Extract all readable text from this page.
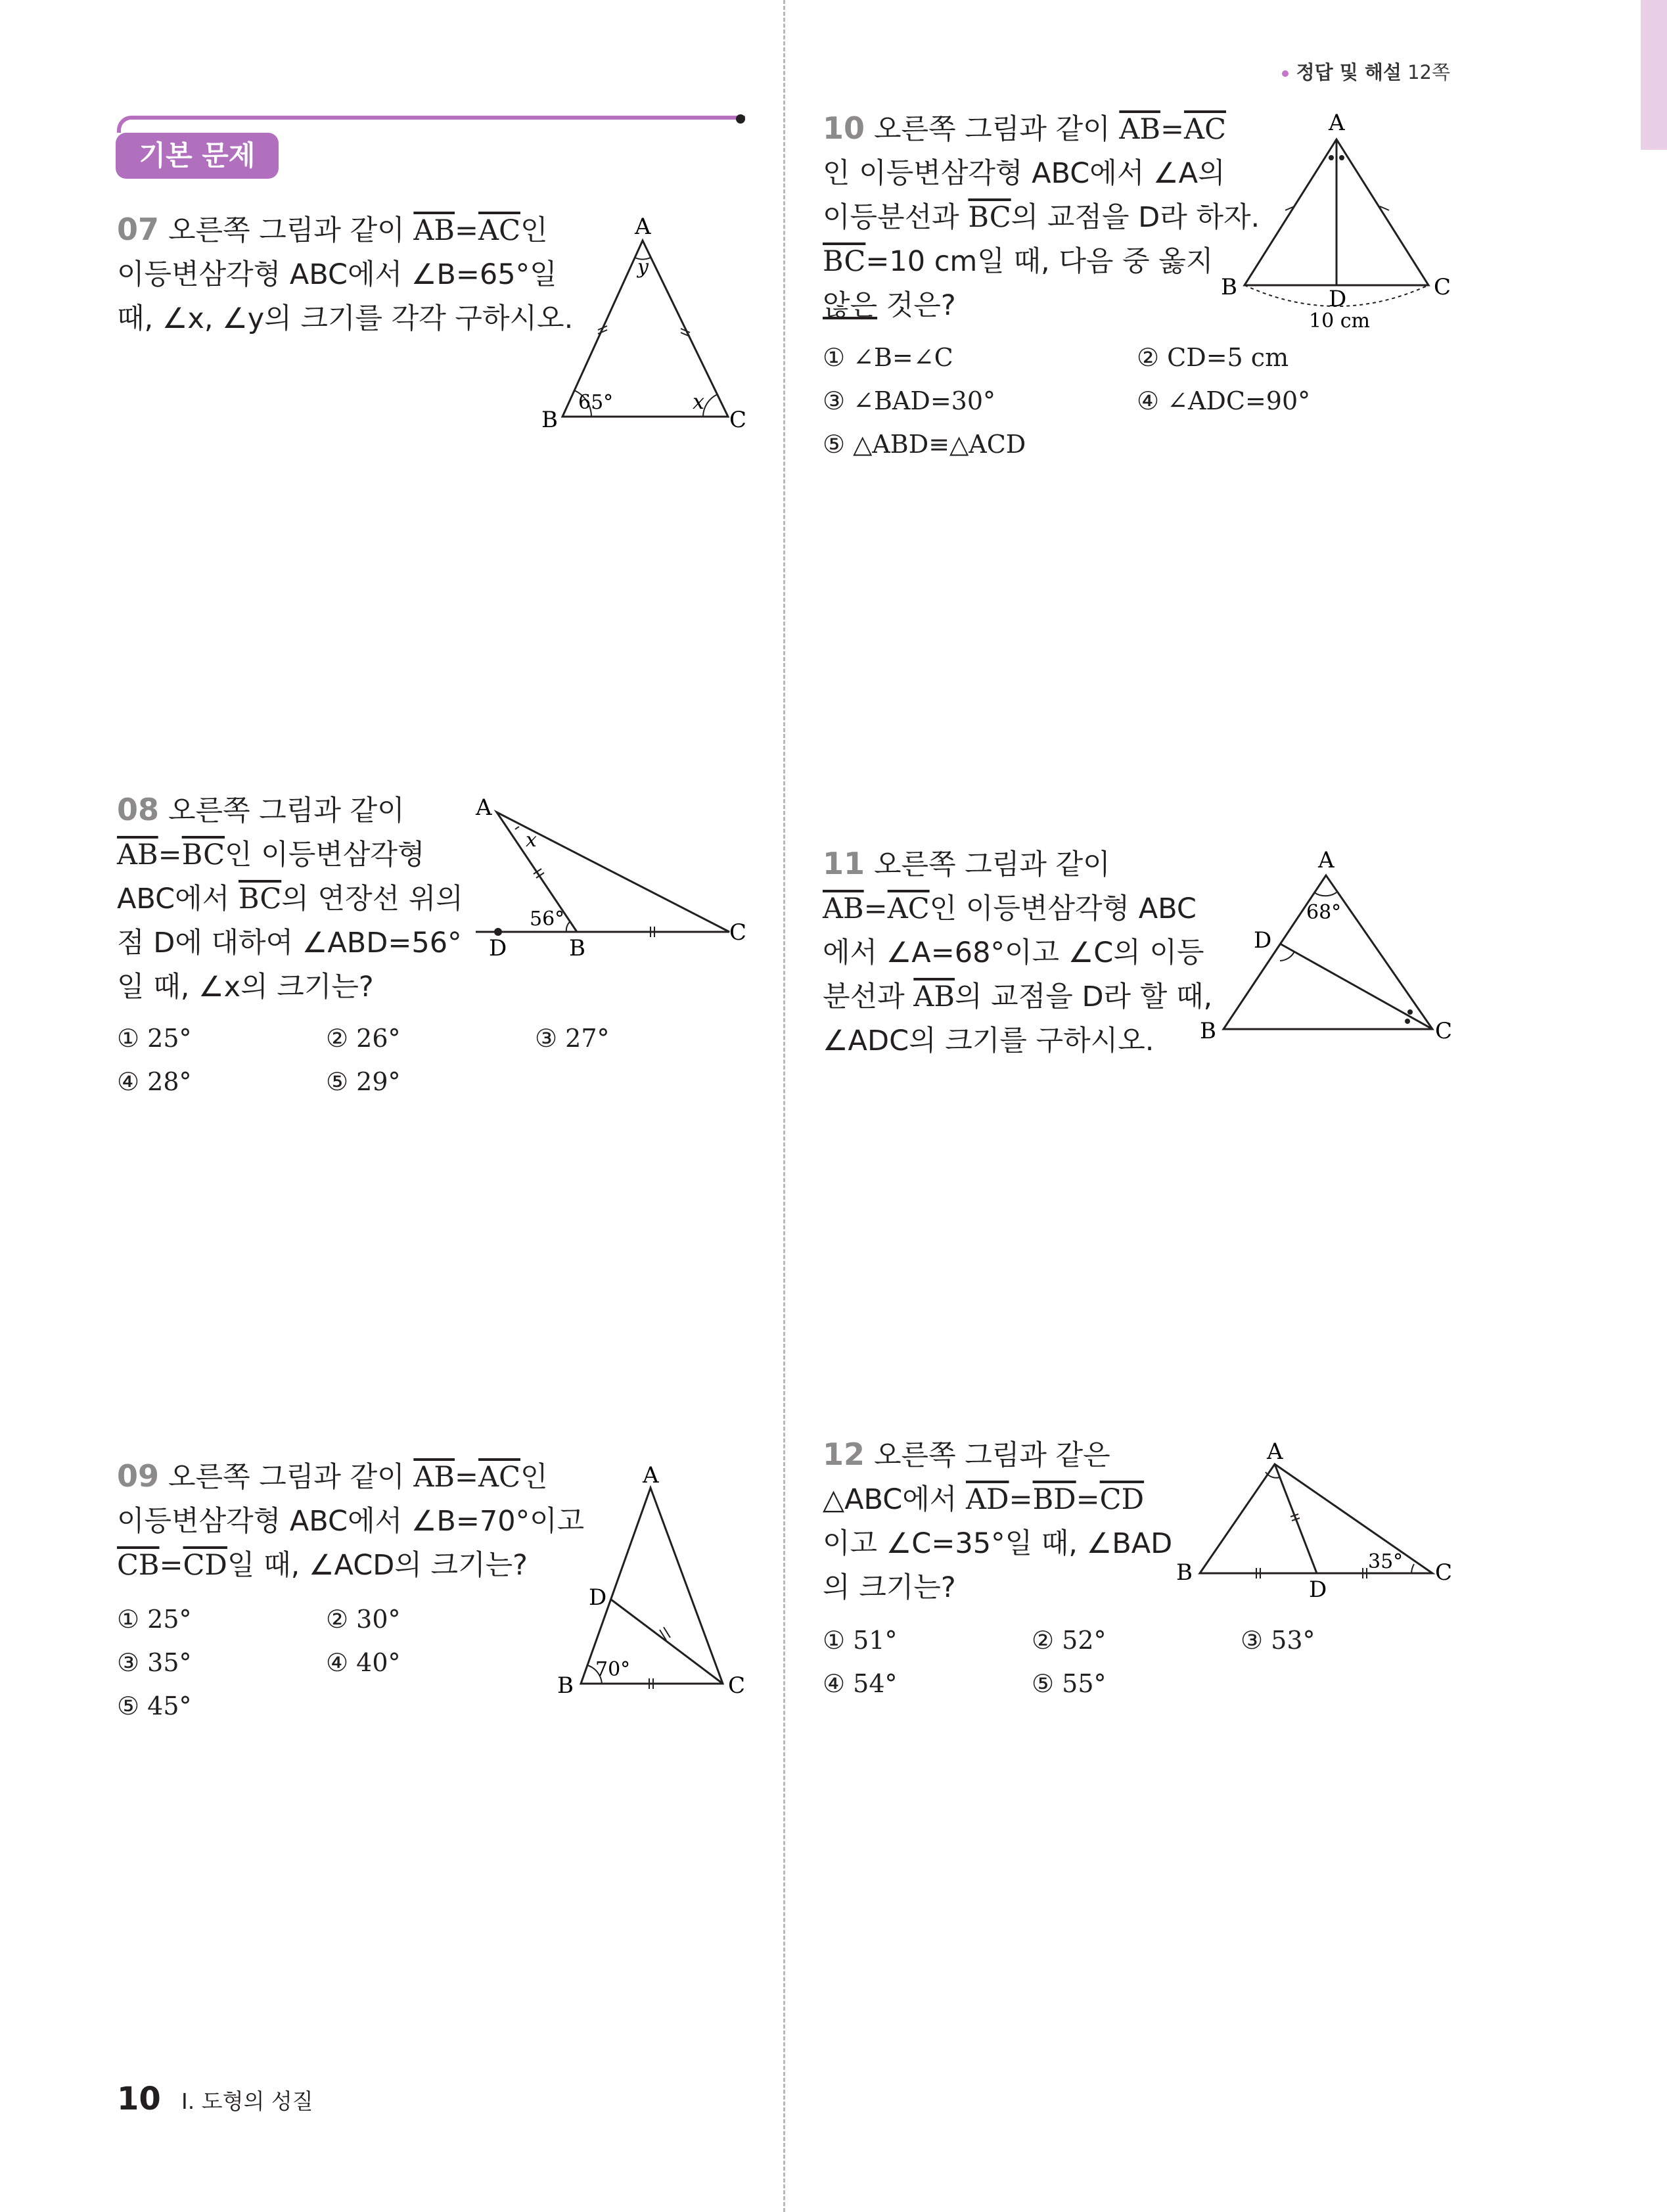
정답 및 해설 12쪽
기본 문제
07 오른쪽 그림과 같이 $\overline{AB}=\overline{AC}$인
이등변삼각형 ABC에서 ∠B=65°일
때, ∠x, ∠y의 크기를 각각 구하시오.
A
B	C
65°	x
y
08 오른쪽 그림과 같이
$\overline{AB}=\overline{BC}$인 이등변삼각형
ABC에서 $\overline{BC}$의 연장선 위의
점 D에 대하여 ∠ABD=56°
일 때, ∠x의 크기는?
① 25°	② 26°	③ 27°
④ 28°	⑤ 29°
A
B
C
D
56°
x
09 오른쪽 그림과 같이 $\overline{AB}=\overline{AC}$인
이등변삼각형 ABC에서 ∠B=70°이고
$\overline{CB}=\overline{CD}$일 때, ∠ACD의 크기는?
① 25°	② 30°
③ 35°	④ 40°
⑤ 45°
A
B	C
D
70°
10 오른쪽 그림과 같이 $\overline{AB}=\overline{AC}$
인 이등변삼각형 ABC에서 ∠A의
이등분선과 $\overline{BC}$의 교점을 D라 하자.
$\overline{BC}=10$ cm일 때, 다음 중 옳지
않은 것은?
① ∠B=∠C	② CD=5 cm
③ ∠BAD=30°	④ ∠ADC=90°
⑤ △ABD≡△ACD
A
B	C
D
10 cm
11 오른쪽 그림과 같이
$\overline{AB}=\overline{AC}$인 이등변삼각형 ABC
에서 ∠A=68°이고 ∠C의 이등
분선과 $\overline{AB}$의 교점을 D라 할 때,
∠ADC의 크기를 구하시오.
A
B	C
D
68°
12 오른쪽 그림과 같은
△ABC에서 $\overline{AD}=\overline{BD}=\overline{CD}$
이고 ∠C=35°일 때, ∠BAD
의 크기는?
① 51°	② 52°	③ 53°
④ 54°	⑤ 55°
A
B	C
D
35°
10 I. 도형의 성질
